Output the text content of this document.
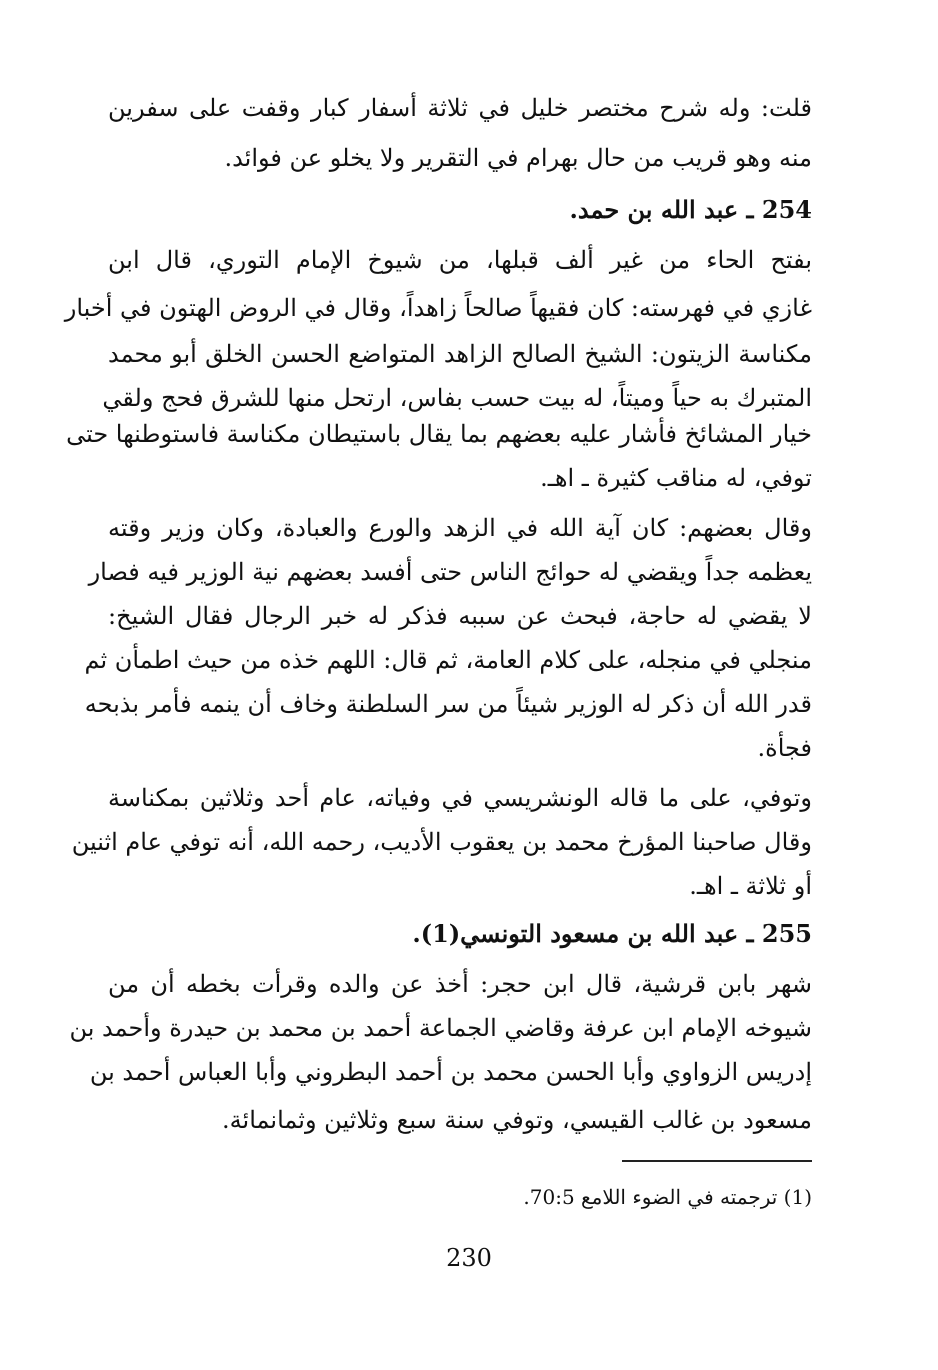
قلت: وله شرح مختصر خليل في ثلاثة أسفار كبار وقفت على سفرين
منه وهو قريب من حال بهرام في التقرير ولا يخلو عن فوائد.
254 ـ عبد الله بن حمد.
بفتح الحاء من غير ألف قبلها، من شيوخ الإمام التوري، قال ابن
غازي في فهرسته: كان فقيهاً صالحاً زاهداً، وقال في الروض الهتون في أخبار
مكناسة الزيتون: الشيخ الصالح الزاهد المتواضع الحسن الخلق أبو محمد
المتبرك به حياً وميتاً، له بيت حسب بفاس، ارتحل منها للشرق فحج ولقي
خيار المشائخ فأشار عليه بعضهم بما يقال باستيطان مكناسة فاستوطنها حتى
توفي، له مناقب كثيرة ـ اهـ.
وقال بعضهم: كان آية الله في الزهد والورع والعبادة، وكان وزير وقته
يعظمه جداً ويقضي له حوائج الناس حتى أفسد بعضهم نية الوزير فيه فصار
لا يقضي له حاجة، فبحث عن سببه فذكر له خبر الرجال فقال الشيخ:
منجلي في منجله، على كلام العامة، ثم قال: اللهم خذه من حيث اطمأن ثم
قدر الله أن ذكر له الوزير شيئاً من سر السلطنة وخاف أن ينمه فأمر بذبحه
فجأة.
وتوفي، على ما قاله الونشريسي في وفياته، عام أحد وثلاثين بمكناسة
وقال صاحبنا المؤرخ محمد بن يعقوب الأديب، رحمه الله، أنه توفي عام اثنين
أو ثلاثة ـ اهـ.
255 ـ عبد الله بن مسعود التونسي(1).
شهر بابن قرشية، قال ابن حجر: أخذ عن والده وقرأت بخطه أن من
شيوخه الإمام ابن عرفة وقاضي الجماعة أحمد بن محمد بن حيدرة وأحمد بن
إدريس الزواوي وأبا الحسن محمد بن أحمد البطروني وأبا العباس أحمد بن
مسعود بن غالب القيسي، وتوفي سنة سبع وثلاثين وثمانمائة.
(1) ترجمته في الضوء اللامع 70:5.
230
